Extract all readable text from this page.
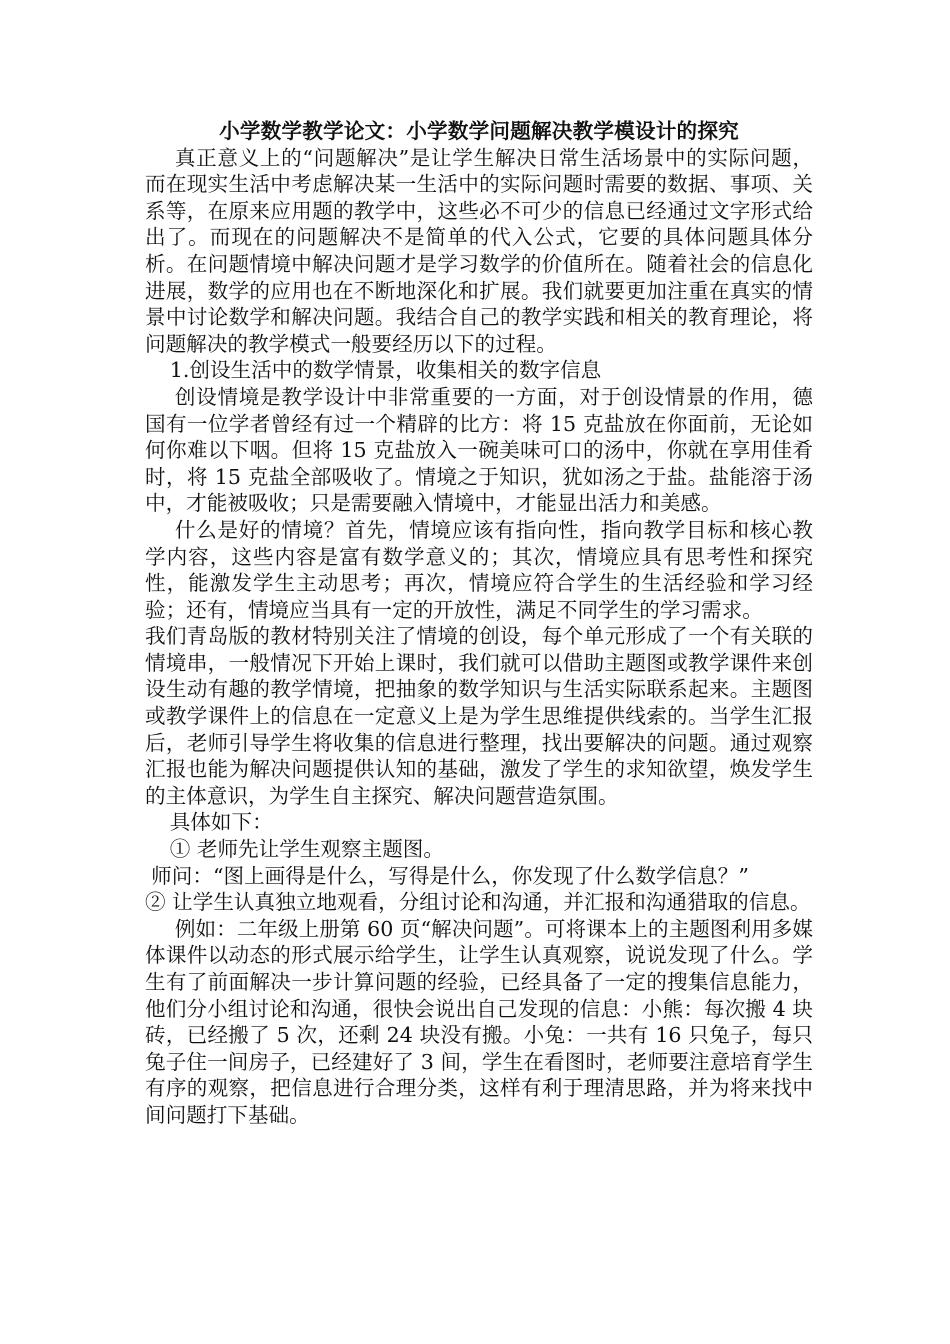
小学数学教学论文：小学数学问题解决教学模设计的探究

真正意义上的“问题解决”是让学生解决日常生活场景中的实际问题，而在现实生活中考虑解决某一生活中的实际问题时需要的数据、事项、关系等，在原来应用题的教学中，这些必不可少的信息已经通过文字形式给出了。而现在的问题解决不是简单的代入公式，它要的具体问题具体分析。在问题情境中解决问题才是学习数学的价值所在。随着社会的信息化进展，数学的应用也在不断地深化和扩展。我们就要更加注重在真实的情景中讨论数学和解决问题。我结合自己的教学实践和相关的教育理论，将问题解决的教学模式一般要经历以下的过程。

1.创设生活中的数学情景，收集相关的数字信息

创设情境是教学设计中非常重要的一方面，对于创设情景的作用，德国有一位学者曾经有过一个精辟的比方：将 15 克盐放在你面前，无论如何你难以下咽。但将 15 克盐放入一碗美味可口的汤中，你就在享用佳肴时，将 15 克盐全部吸收了。情境之于知识，犹如汤之于盐。盐能溶于汤中，才能被吸收；只是需要融入情境中，才能显出活力和美感。

什么是好的情境？首先，情境应该有指向性，指向教学目标和核心教学内容，这些内容是富有数学意义的；其次，情境应具有思考性和探究性，能激发学生主动思考；再次，情境应符合学生的生活经验和学习经验；还有，情境应当具有一定的开放性，满足不同学生的学习需求。

我们青岛版的教材特别关注了情境的创设，每个单元形成了一个有关联的情境串，一般情况下开始上课时，我们就可以借助主题图或教学课件来创设生动有趣的教学情境，把抽象的数学知识与生活实际联系起来。主题图或教学课件上的信息在一定意义上是为学生思维提供线索的。当学生汇报后，老师引导学生将收集的信息进行整理，找出要解决的问题。通过观察汇报也能为解决问题提供认知的基础，激发了学生的求知欲望，焕发学生的主体意识，为学生自主探究、解决问题营造氛围。

具体如下：

① 老师先让学生观察主题图。

师问：“图上画得是什么，写得是什么，你发现了什么数学信息？”

② 让学生认真独立地观看，分组讨论和沟通，并汇报和沟通猎取的信息。

例如：二年级上册第 60 页“解决问题”。可将课本上的主题图利用多媒体课件以动态的形式展示给学生，让学生认真观察，说说发现了什么。学生有了前面解决一步计算问题的经验，已经具备了一定的搜集信息能力，他们分小组讨论和沟通，很快会说出自己发现的信息：小熊：每次搬 4 块砖，已经搬了 5 次，还剩 24 块没有搬。小兔：一共有 16 只兔子，每只兔子住一间房子，已经建好了 3 间，学生在看图时，老师要注意培育学生有序的观察，把信息进行合理分类，这样有利于理清思路，并为将来找中间问题打下基础。
